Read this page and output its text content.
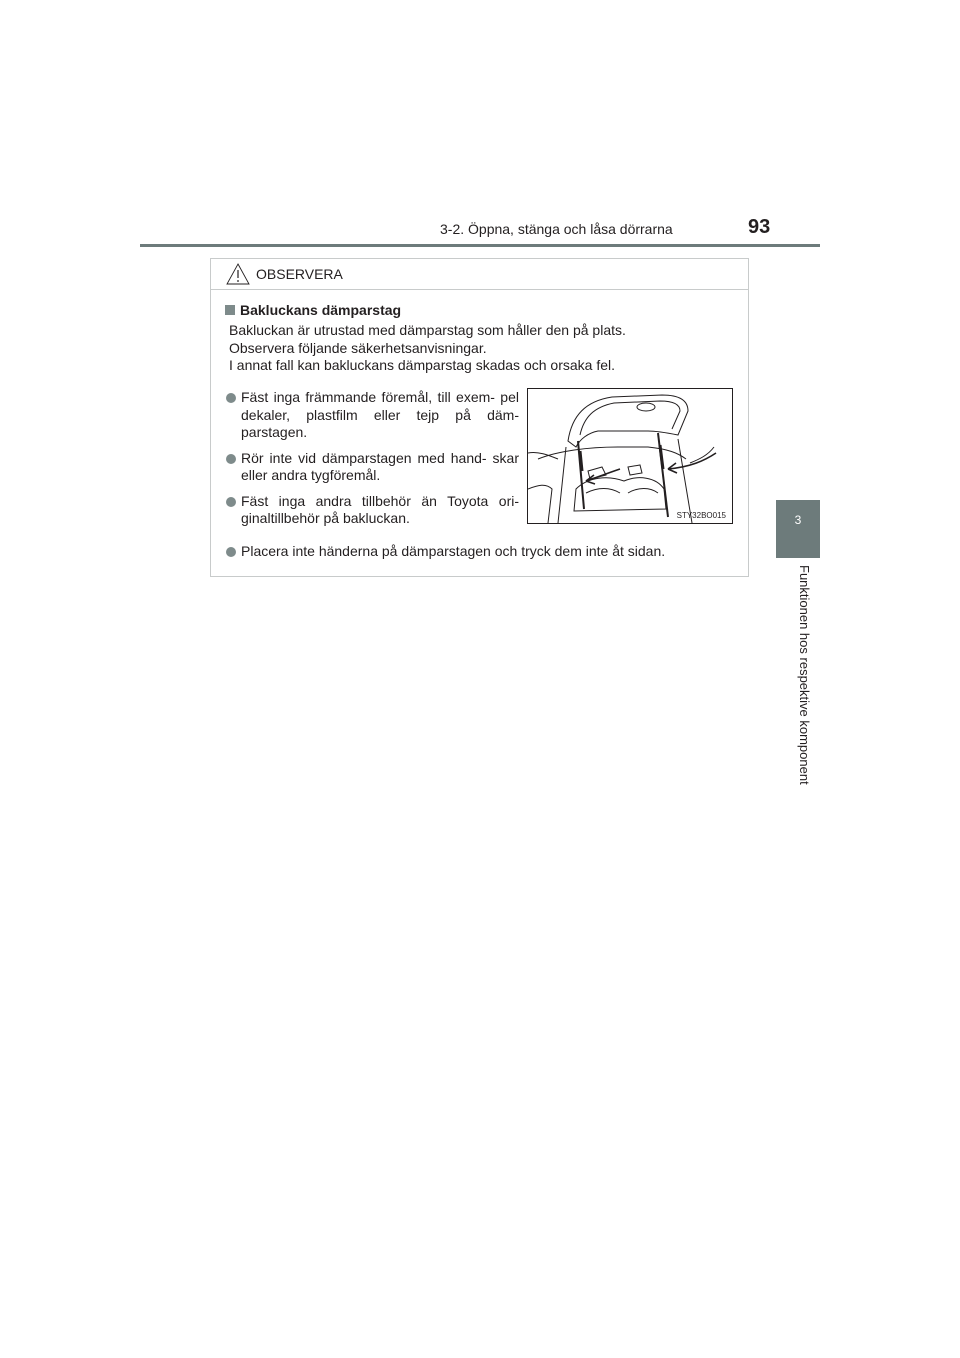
3-2. Öppna, stänga och låsa dörrarna	93
3
Funktionen hos respektive komponent
OBSERVERA
Bakluckans dämparstag
Bakluckan är utrustad med dämparstag som håller den på plats.
Observera följande säkerhetsanvisningar.
I annat fall kan bakluckans dämparstag skadas och orsaka fel.
Fäst inga främmande föremål, till exem- pel dekaler, plastfilm eller tejp på däm- parstagen.
Rör inte vid dämparstagen med hand- skar eller andra tygföremål.
Fäst inga andra tillbehör än Toyota ori- ginaltillbehör på bakluckan.	STY32BO015
Placera inte händerna på dämparstagen och tryck dem inte åt sidan.
